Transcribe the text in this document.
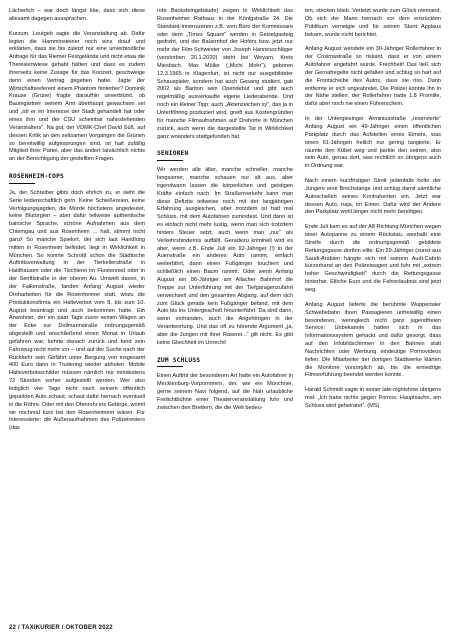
Lächerlich – war doch längst klar, dass sich diese allesamt dagegen aussprachen.

Kurzum. Leutgeb sagte die Veranstaltung ab. Dafür legten die Hamminsteiner noch eins drauf und erklärten, dass sie bis zuletzt nur eine unverbindliche Anfrage für das Riemer Festgelände und nicht etwa die Theresienwiese gehabt hätten und dass es zudem ihrerseits keine Zusage für das Konzert, geschweige denn einen Vertrag gegeben habe. Jagte der Wirtschaftsreferent einem Phantom hinterher? Dominik Krause (Grüne) fragte daraufhin unverblümt, ob Baumgärtner seinem Amt überhaupt gewachsen sei und „ob er im Interesse der Stadt gehandelt hat oder eines ihm und der CSU scheinbar nahestehenden Veranstalters“. Na gut, der VDMK-Chef David Süß, auf dessen Kritik an den seltsamen Vorgängen die Grünen so bereitwillig aufgesprungen sind, ist halt zufällig Mitglied ihrer Partei, aber das ändert tatsächlich nichts an der Berechtigung der gestellten Fragen.

ROSENHEIM-COPS

Ja, der Schreiber gibts doch ehrlich zu, er sieht die Serie leidenschaftlich gern. Keine Schießereien, keine Verfolgungsjagden, die Morde höchstens angedeutet, keine Blutorgien – aber dafür teilweise authentische bairische Sprache, schöne Aufnahmen aus dem Chiemgau und aus Rosenheim ... halt, stimmt nicht ganz! So manche Spielort, der sich laut Handlung mitten in Rosenheim befindet, liegt in Wirklichkeit in München. So konnte Schrottl schon die Städtische Auftrittsverwaltung in der Tierkellerstraße in Haidhausen oder die Tischlerei im Fürstenried oder in der Senftlstraße in der oberen Au. Umwelt davon, in der Falkenstraße, fanden Anfang August wieder Dreharbeiten für die Rosenheimer statt, wozu die Produktionsfirma ein Halteverbot vom 8. bis zum 10. August beantragt und auch bekommen hatte. Ein Anwohner, der ein paar Tage zuvor seinen Wagen an der Ecke zur Dollmannstraße ordnungsgemäß abgestellt und anschließend einen Monat in Urlaub gefahren war, kehrte danach zurück und fand sein Fahrzeug nicht mehr vor – und auf der Suche nach der Rückkehr sein Gefährt unter Bergung von insgesamt 400 Euro dann in Trudering wieder abholen. Mobile Halteverbotsschilder müssen nämlich nur mindestens 72 Stunden vorher aufgestellt werden. Wer also lediglich vier Tage nicht nach seinem öffentlich geparkten Auto schaut, schaut dafür hernach eventuell in die Röhre. Oder mit den Ofenrohr ins Gebirge, womit wir nochmal kurz bei den Rosenheimern wären. Für Interessierte: die Außenaufnahmen des Polizeireviers (das

rote Backsteingebäude) zeigen in Wirklichkeit das Rosenheimer Rathaus in der Königstraße 24. Die Standard-Innenszenen z.B. vom Büro der Kommissare oder dem „Times Square“ werden in Geiselgasteig gedreht, und der Bauernhof der Hofers bzw. jetzt nur mehr der Film-Schwester von Joseph Hannesschläger (verstorben 20.1.2020) steht bei Weyarn, Kreis Miesbach. Max Müller („Michi Mohr“), geboren 12.3.1965 in Klagenfurt, ist nicht nur ausgebildeter Schauspieler, sondern hat auch Gesang studiert, gab 2002 als Bariton sein Opendebüt und gibt auch regelmäßig ausverkaufte eigene Liederabende. Und noch ein kleiner Tipp: auch „Aktenzeichen xy“, das ja in Unterföhring produziert wird, greift aus Kostengründen für manche Filmaufnahmen auf Drehorte in München zurück, auch wenn die dargestellte Tat in Wirklichkeit ganz woanders stattgefunden hat.

SENIOREN

Wir werden alle älter, manche schneller, manche langsamer, manche schauen nur alt aus, aber irgendwann lassen die körperlichen und geistigen Kräfte einfach nach. Im Straßenverkehr kann man diese Defizite teilweise noch mit der langjährigen Erfahrung ausgleichen, aber trotzdem ist halt mal Schluss, mit dem Autofahren zumindest. Und dann ist es einfach nicht mehr lustig, wenn man sich trotzdem hinters Steuer setzt, auch wenn man „nur“ als Verkehrshindernis auffällt. Geradezu kriminell wird es aber, wenn z.B. Ende Juli ein 92-Jähriger (!) in der Auenstraße ein anderes Auto rammt, einfach weiterfährt, dann einen Fußgänger touchiert und schließlich einen Baum rammt. Oder wenn Anfang August ein 86-Jähriger am Allacher Bahnhof die Treppe zur Unterführung mit der Tiefgaragenzufahrt verwechselt und den gesamten Abgang, auf dem sich zum Glück gerade kein Fußgänger befand, mit dem Auto bis ins Untergeschoß hinunterfährt. Da sind dann, wenn vorhanden, auch die Angehörigen in der Verantwortung. Und das oft zu hörende Argument „ja, aber die Jungen mit ihrer Raserei...“ gilt nicht. Es gibt keine Gleichheit im Unrecht!

ZUM SCHLUSS

Einen Auftritt der besonderen Art hatte ein Autofahrer in Mecklenburg-Vorpommern, der, wie ein Münchner, gerne seinem Navi folgend, auf die Nah urlaubliche Freilichtbühne einer Theaterveranstaltung fuhr und zwischen den Brettern, die die Welt bedeu-

ten, stecken blieb. Verletzt wurde zum Glück niemand. Ob sich der Mann hernach vor dem entzückten Publikum verneigte und für seinen Stunt Applaus bekam, wurde nicht berichtet.

Anfang August wendete ein 30-Jähriger Rollerfahrer in der Cosimastraße so riskant, dass er von einem Autofahrer angefahrt wurde. Frechheit! Das ließ sich der Geroafregelte nicht gefallen und schlug so hart auf die Frontscheibe des Autos, dass sie riss. Dann entfernte er sich ungeahndet. Die Polizei konnte ihn in der Nähe stellen: der Rollerfahrer hatte 1,8 Promille, dafür aber noch nie einen Führerschein.

In der Untergiesinger Arminiusstraße „reservierte“ Anfang August ein 49-Jähriger einen öffentlichen Parkplatz durch das Aufstellen eines Eimers, was einen 61-Jährigen freilich nur gering tangierte. Er räumte den Kübel weg und parkte den seinen, also sein Auto, genau dort, was rechtlich so übrigens auch in Ordnung war.

Nach einem kurzfristigen Streit jedenfalls holte der Jüngere eine Brechstange und schlug damit sämtliche Autoschellen seines Kontrahenten ein. Jetzt war dessen Auto, naja, im Eimer. Dafür wird der Andere den Parkplatz wohl länger nicht mehr benötigen.

Ende Juli kam es auf der A8 Richtung München wegen einer Autopanne zu einem Rückstau, weshalb eine Streife durch die ordnungsgemäß gebildete Rettungsgasse dorthin eilte. Ein 29-Jähriger (sunst aus Saudi-Arabien hängte sich mit seinem Audi-Cabrio kurzerhand an den Polizeiwagen und fuhr mit „extrem hoher Geschwindigkeit“ durch die Rettungsgasse hinterher. Etliche Euro und die Fahrerlaubnis sind jetzt weg.

Anfang August lieferte die berühmte Wuppertaler Schwebebahn ihren Passagieren unfreiwillig einen besonderen, wenngleich nicht ganz jugendfreien Service: Unbekannte hatten sich in das Informationssystem gehackt und dafür gesorgt, dass auf den Infobildschirmen in den Bahnen statt Nachrichten oder Werbung eindeutige Pornovideos liefen. Die Mitarbeiter der dortigen Stadtwerke klärten die Monitore vorsorglich ab, bis die erniedrige Filmvorführung beendet werden konnte.

Harald Schmidt sagte in seiner late-nightshow übrigens mal: „Ich habe nichts gegen Pornos. Hauptsache, am Schluss wird geheiratet“. (MS)

22 / TAXIKURIER / OKTOBER 2022
